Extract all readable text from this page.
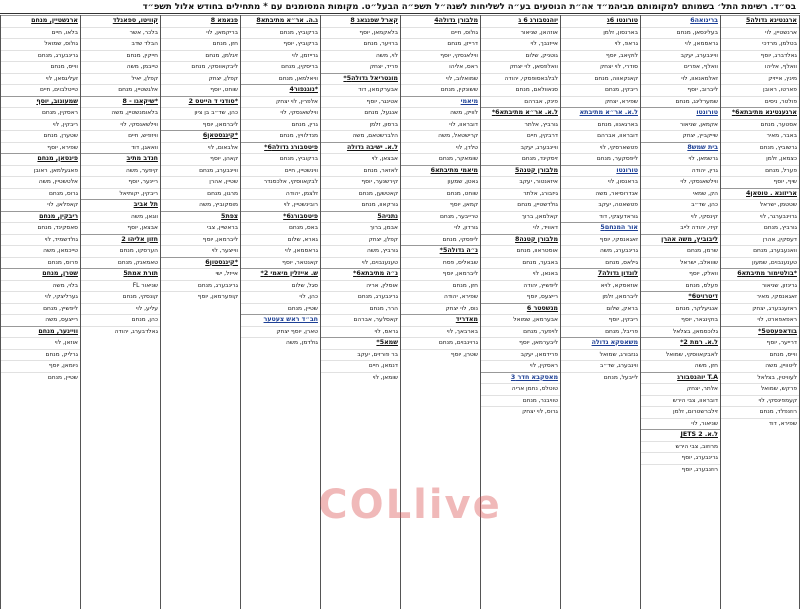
בס״ד. רשימת התל׳ בשמותם למקומותם מביהמ״ד אה״ת הנוסעים בע״ה לשליחות לשנה״ל תשפ״ה הבעל״ט. מקומות המסומנים עם * מתחילים בחודש אלול תשפ״ד
ארגנטינא גדולה5
ארנשטיין, לוי
בטלמן, מרדכי
גאלדברג, יוסף
וואלף, אליהו
מינץ, אייזיק
פארטו, ראובן
פולטר, ניסים
ארגענטינא מתיבתא6*
אסטער, מנחם
באבר, מאיר
גרשוביץ, מנחם
כצמאן, זלמן
פערל, מנחם
שיף, יוסף
אריזונא . טוסאן4
שטטמן, ישראל
גרוינבערגר, לוי
גורביץ, מנחם
דעסקין, אהרן
וואנעבערג, מנחם
טענענבוים, שמעון
*בולטימור מתיבתא6
גרינזון, שניאור
זאגאנסקי, מאיר
ראזענבערג, יצחק
ראפאפארט, לוי
בודאפעסט5*
דרייער, יוסף
ווייס, מנחם
ליטוויין, משה
לעוויטין, בצלאל
פרקש, שמואל
קעמפינסקי, לוי
רוזנפלד, מנחם
שפירא, דוד
ברינואה6
בעלינסאן, מנחם
גראסמאן, לוי
וויינבערג, יעקב
וואלף, אפרים
זאלמאנאוו, לוי
ליברוב, יוסף
שמערלינג, מנחם
טורונטו
אקמאן, שניאור
שייקביץ, יצחק
בית שמש8
גרשמאן, לוי
גרין, יהודה
ווילשאנסקי, לוי
הק, שמאי
כהן, שד״ב
קינסקי, לוי
קיזי, יהודה לייב
ליבוביץ, משה אהרן
שרמן, מנחם
שוואלב, ישראל
וואלק, יוסף
פעלס, מנחם
דיטרויט6*
אנגיעלקר, מנחם
בוקינגאר, יוסף
גלוכסמאן, בצלאל
ל.א. רמת 2*
לאבקאווסקי, שמואל
חזן, משה
T.A יוהנסבורג
אלתר, יצחק
דובראוו, צבי הירש
זילברשטרום, זלמן
שניאור, לוי
ל.א. 2 JETS
מרוזוב, צבי הירש
גרינבערג, יוסף
רוזנבערג, יוסף
טורונטו 6ג
בארנסון, זלמן
גראפ, לוי
לוקיאב, יוסף
סודרי, לוי יצחק
קאנקאווה, מנחם
ריבקין, מנחם
שפירא, יצחק
ל.א. אר״א מתיבתא
בארגאנוו, מנחם
דובראוו, אברהם
פטשארסקי, לוי
ליפסקער, מנחם
טורונטו
בראנסון, לוי
אנדרוסיאר, משה
פטשאטה, יעקב
גוראדעצקי, דוד
אור המנחם5
זאגאנסקי, יוסף
גרינבערג, משה
גילאס, מנחם
לונדון גדולה7
אוזאסקא, לויא
ליברמאן, זלמן
בראק, שלום
ריבקין, יוסף
פריבל, מנחם
משאסקא גדולה
גנזבורג, שמואל
ווינבערג, שד״ב
לייבעל, מנחם
יוהנסבורג 6 ג
אוזהאן, שניאור
אייזנבך, לוי
גוטניק, שלום
וואלפסאן, לוי יצחק
לבלבאסופסקי, יהודה
סנאוולאם, מנחם
פינק, אברהם
ל.א. אר״א מתיבתא6*
גורביץ, אלתר
דרבקין, חיים
וויינבערג, יעקב
זיסקינד, מנחם
מלבורן קטנה5
איזאנטור, יעקב
גיזבורג, אלתר
גולדשטיין, מנחם
קאלמאן, ברוך
דאוויד, לוי
מלבורן קטנה8
אוסטראוו, מנחם
באבער, מנחם
באנאן, לוי
ליפשיץ, יהודה
רייצעס, יוסף
מנשסטר 6
אבערמאן, שמואל
לויפער, מנחם
ליבערמאן, יוסף
פרידמאן, יעקב
ראסקין, לוי
מאסקבא חדר 3
טוטלס, נחמן אריה
טוויבנר, מנחם
גרוס, לוי יצחק
מלבורן גדולה4
גולוס, חיים
דרייזן, מנחם
ווילאנסקי, יוסף
ראס, אליהו
שמואלוב, לוי
ששונקין, מנחם
מיאמי
לוויק, משה
דובראוו, לוי
קרישטאל, משה
טלדן, לוי
שומאקר, מנחם
מיאמי מתיבתא6
גאטן, שמעון
שוחט, מנחם
קמאן, יוסף
טרייבער, מנחם
גורדון, לוי
ליפסקי, מנחם
נ״ה גדולה5*
שבאליס, פסח
ליברמאן, יוסף
חזן, מנחם
שפירא, יהודה
נוס, לוי יצחק
מאדריד
בארבאך, לוי
גרוינבוים, מנחם
שטרן, יוסף
קארל שפנגאג 8
בלאקמאן, יוסף
ברויער, מנחם
לוי, משה
פריד, יצחק
מונטריאל גדולה5*
אבערקמאן, דוד
אטינגר, יוסף
אנגעל, מנחם
ברסון, זלמן
הלברשטאם, משה
ל.א. ישיבה גדולה
אבצאן, לוי
לאזאר, מנחם
קירשנער, יוסף
קאטשען, מנחם
גורקאוו, מנחם
נתניה5
אבמן, ברוך
קפלן, יצחק
גורביץ, משה
טענענבוים, לוי
נ״ה מתיבתא6*
אוסלין, אריה
גרינבערג, מנחם
הרר, מנחם
קאסלער, אברהם
גראס, לוי
שמא5*
בר פורזים, יעקב
דנמאן, חיים
שומאן, לוי
ג.ה. אר״א מתיבתא8
ברקוביץ, מנחם
ברקוביץ, יוסף
גרייזמן, לוי
בריסקין, מנחם
וויאלמאן, מנחם
*נוגנפור4
אלפרין, לוי יצחק
ווילשאנסקי, לוי
גרין, מנחם
מנדלוויץ, מנחם
פיטסבורג גדולה6*
ברקוביץ, מנחם
ווינשטיין, חיים
לבקאווסקי, אלכסנדר
זלצמן, יהודה
רובינשטיין, לוי
פיטסבורג6*
באס, מנחם
גארא, שלום
גראסמאן, לוי
קאנטאר, יוסף
ש. אייזלין מיאמי 2*
סגל, שלום
כהן, לוי
שטיין, מנחם
חב״ד ראש צעטער
טארן, יוסף יצחק
גולדמן, משה
פנאמא 8
בריקמאן, לוי
חזן, מנחם
זיגלמן, מנחם
ליבקאווסקי, מנחם
קפלן, יצחק
שוחט, יוסף
*סודני ד הייטס 2
כהן, שד״ב בן ציון
ליברמאן, יוסף
*קינגסטאן6
אלבאום, לוי
קאהן, יוסף
וויינבערג, מנחם
שטיין, אהרן
מרגון, מנחם
מוסקוביץ, משה
צפת5
בראשיין, צבי
ליברמאן, יוסף
ווייצער, לוי
*קינגסטון6
אייזל, ישי
גרינבערג, מנחם
קופערמאן, יוסף
קוויטו, ספאנלד
בלכר, אשר
הבלד שדב
חייקין, מנחם
טייבמן, משה
קפלן, יאיל
אלגשטיין, מנחם
*שיקאגו - 8
בלאומנשטיין, משה
ווילשאנסקי, לוי
וויזפיש, חיים
וואאגן, דוד
חנדב מתיב
קיפער, משה
ריינער, יוסף
ריבקין, יקותיאל
תל אביב
ווגאן, משה
אבצאן, יוסף
חזון אליהו 2
הערסקו, מנחם
טאמאנק, מנחם
תורת אמת5
שניאור FL
קונסקי, מנחם
עליע, לוי
כהן, מנחם
גאלדבערג, יהודה
ארנשטיין, מנחם
בלאו, חיים
גולוס, שמואל
גרינבערג, מנחם
ווייס, מנחם
זעליגסאן, לוי
טייטלבוים, חיים
שמעונוב, יוסף
ראסקין, מנחם
ריבקין, לוי
שטערן, מנחם
שפירא, יוסף
פינסאן, מנחם
פאגעלמאן, ראובן
אלטשטיין, משה
גרוס, מנחם
קאפלאן, לוי
ריבקין, מנחם
סאסקינד, מנחם
גולדשמיד, לוי
טייכמאן, משה
פרוס, מנחם
שטרן, מנחם
בלוי, משה
גערליצקי, לוי
ליפשיץ, מנחם
רייצעס, משה
וויינער, מנחם
אוזאן, לוי
גרליק, מנחם
ניומאן, יוסף
שטיין, מנחם
COLlive
